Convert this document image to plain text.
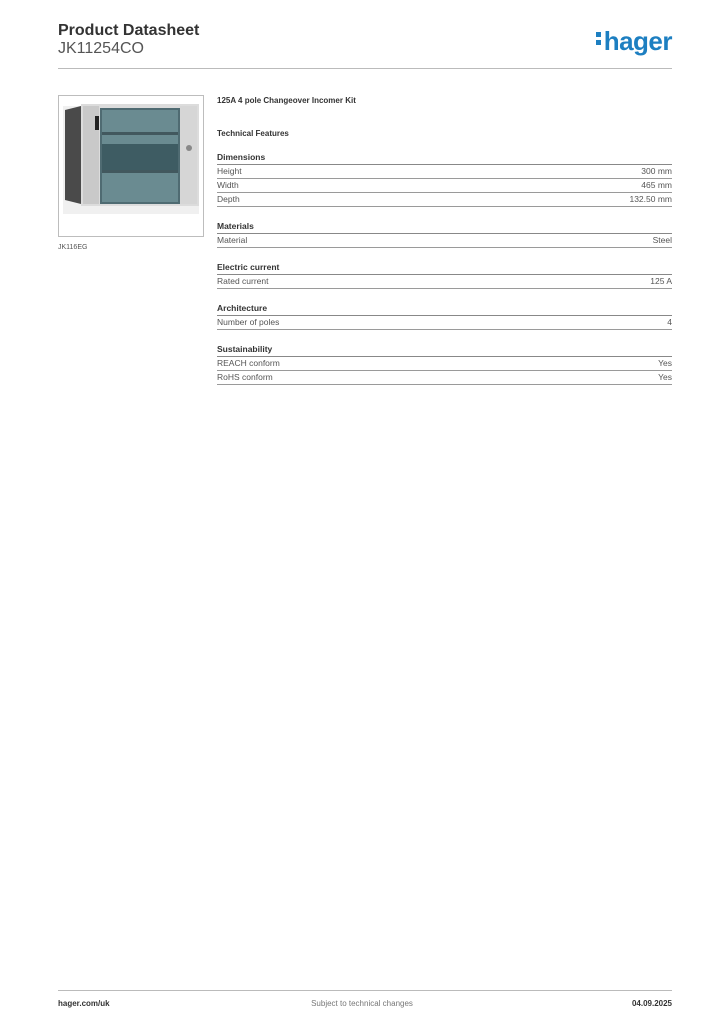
Product Datasheet
JK11254CO	hager
JK116EG
125A 4 pole Changeover Incomer Kit
Technical Features
Dimensions
Height	300 mm
Width	465 mm
Depth	132.50 mm
Materials
Material	Steel
Electric current
Rated current	125 A
Architecture
Number of poles	4
Sustainability
REACH conform	Yes
RoHS conform	Yes
hager.com/uk	Subject to technical changes	04.09.2025
